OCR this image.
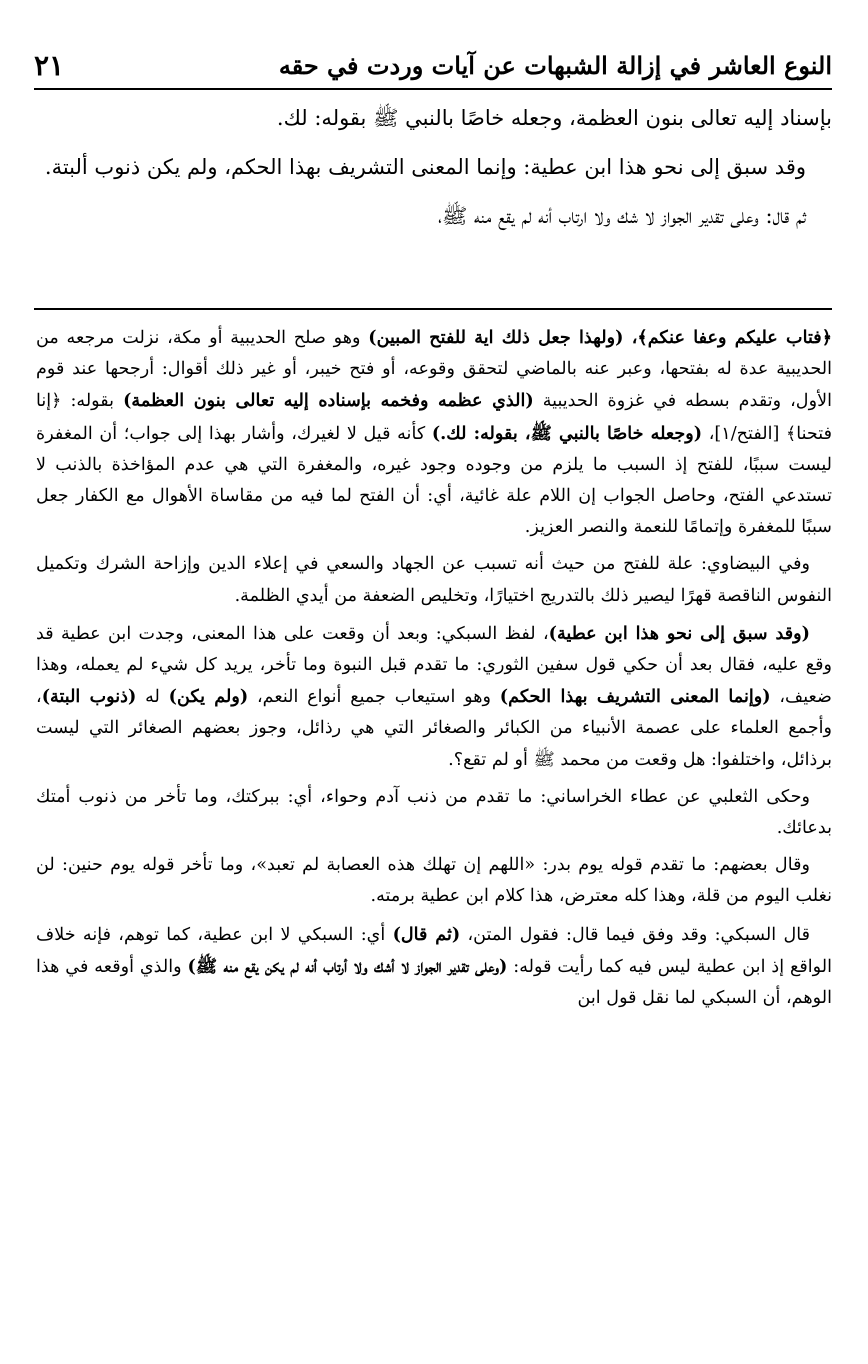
٢١	النوع العاشر في إزالة الشبهات عن آيات وردت في حقه

بإسناد إليه تعالى بنون العظمة، وجعله خاصًا بالنبي ﷺ بقوله: لك.

وقد سبق إلى نحو هذا ابن عطية: وإنما المعنى التشريف بهذا الحكم، ولم يكن ذنوب ألبتة.

ثم قال: وعلى تقدير الجواز لا شك ولا ارتاب أنه لم يقع منه ﷺ،

﴿فتاب عليكم وعفا عنكم﴾، (ولهذا جعل ذلك اية للفتح المبين) وهو صلح الحديبية أو مكة، نزلت مرجعه من الحديبية عدة له بفتحها، وعبر عنه بالماضي لتحقق وقوعه، أو فتح خيبر، أو غير ذلك أقوال: أرجحها عند قوم الأول، وتقدم بسطه في غزوة الحديبية (الذي عظمه وفخمه بإسناده إليه تعالى بنون العظمة) بقوله: ﴿إنا فتحنا﴾ [الفتح/١]، (وجعله خاصًا بالنبي ﷺ، بقوله: لك.) كأنه قيل لا لغيرك، وأشار بهذا إلى جواب؛ أن المغفرة ليست سببًا، للفتح إذ السبب ما يلزم من وجوده وجود غيره، والمغفرة التي هي عدم المؤاخذة بالذنب لا تستدعي الفتح، وحاصل الجواب إن اللام علة غائية، أي: أن الفتح لما فيه من مقاساة الأهوال مع الكفار جعل سببًا للمغفرة وإتمامًا للنعمة والنصر العزيز.

وفي البيضاوي: علة للفتح من حيث أنه تسبب عن الجهاد والسعي في إعلاء الدين وإزاحة الشرك وتكميل النفوس الناقصة قهرًا ليصير ذلك بالتدريج اختيارًا، وتخليص الضعفة من أيدي الظلمة.

(وقد سبق إلى نحو هذا ابن عطية)، لفظ السبكي: وبعد أن وقعت على هذا المعنى، وجدت ابن عطية قد وقع عليه، فقال بعد أن حكي قول سفين الثوري: ما تقدم قبل النبوة وما تأخر، يريد كل شيء لم يعمله، وهذا ضعيف، (وإنما المعنى التشريف بهذا الحكم) وهو استيعاب جميع أنواع النعم، (ولم يكن) له (ذنوب البتة)، وأجمع العلماء على عصمة الأنبياء من الكبائر والصغائر التي هي رذائل، وجوز بعضهم الصغائر التي ليست برذائل، واختلفوا: هل وقعت من محمد ﷺ أو لم تقع؟.

وحكى الثعلبي عن عطاء الخراساني: ما تقدم من ذنب آدم وحواء، أي: ببركتك، وما تأخر من ذنوب أمتك بدعائك.

وقال بعضهم: ما تقدم قوله يوم بدر: «اللهم إن تهلك هذه العصابة لم تعبد»، وما تأخر قوله يوم حنين: لن نغلب اليوم من قلة، وهذا كله معترض، هذا كلام ابن عطية برمته.

قال السبكي: وقد وفق فيما قال: فقول المتن، (ثم قال) أي: السبكي لا ابن عطية، كما توهم، فإنه خلاف الواقع إذ ابن عطية ليس فيه كما رأيت قوله: (وعلى تقدير الجواز لا أشك ولا أرتاب أنه لم يكن يقع منه ﷺ) والذي أوقعه في هذا الوهم، أن السبكي لما نقل قول ابن
